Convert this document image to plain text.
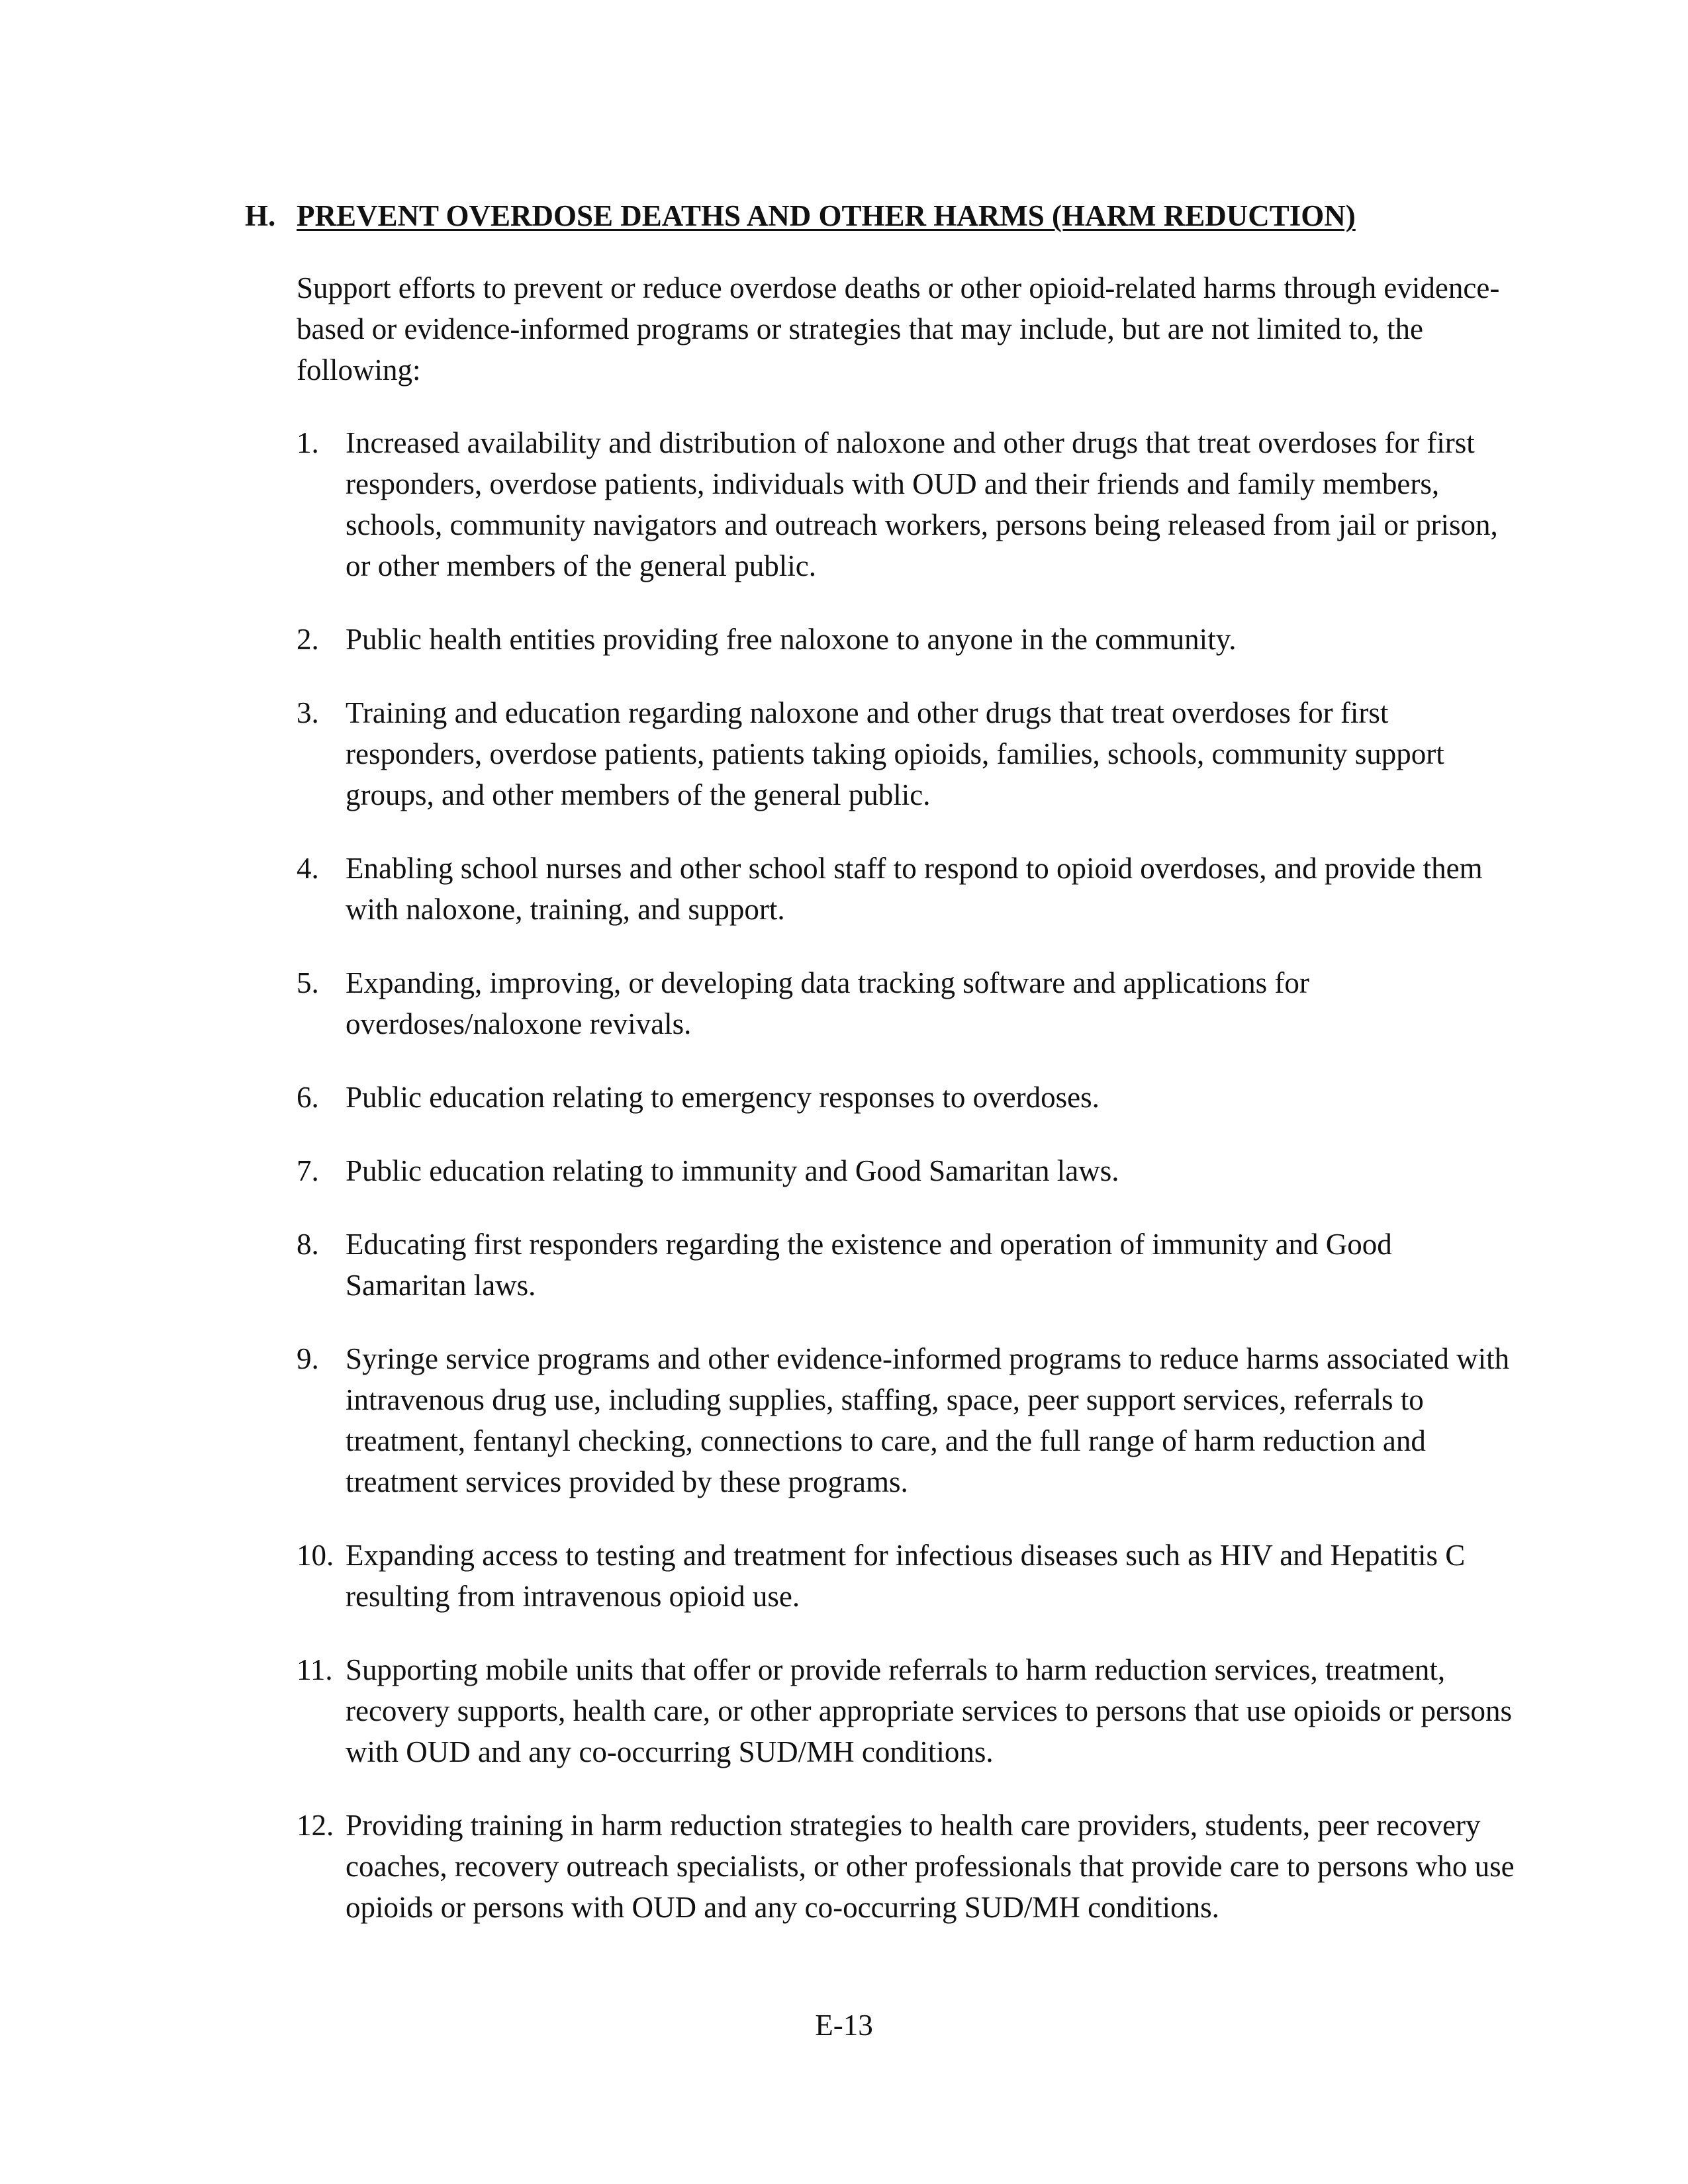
H. PREVENT OVERDOSE DEATHS AND OTHER HARMS (HARM REDUCTION)

Support efforts to prevent or reduce overdose deaths or other opioid-related harms through evidence-based or evidence-informed programs or strategies that may include, but are not limited to, the following:

1. Increased availability and distribution of naloxone and other drugs that treat overdoses for first responders, overdose patients, individuals with OUD and their friends and family members, schools, community navigators and outreach workers, persons being released from jail or prison, or other members of the general public.
2. Public health entities providing free naloxone to anyone in the community.
3. Training and education regarding naloxone and other drugs that treat overdoses for first responders, overdose patients, patients taking opioids, families, schools, community support groups, and other members of the general public.
4. Enabling school nurses and other school staff to respond to opioid overdoses, and provide them with naloxone, training, and support.
5. Expanding, improving, or developing data tracking software and applications for overdoses/naloxone revivals.
6. Public education relating to emergency responses to overdoses.
7. Public education relating to immunity and Good Samaritan laws.
8. Educating first responders regarding the existence and operation of immunity and Good Samaritan laws.
9. Syringe service programs and other evidence-informed programs to reduce harms associated with intravenous drug use, including supplies, staffing, space, peer support services, referrals to treatment, fentanyl checking, connections to care, and the full range of harm reduction and treatment services provided by these programs.
10. Expanding access to testing and treatment for infectious diseases such as HIV and Hepatitis C resulting from intravenous opioid use.
11. Supporting mobile units that offer or provide referrals to harm reduction services, treatment, recovery supports, health care, or other appropriate services to persons that use opioids or persons with OUD and any co-occurring SUD/MH conditions.
12. Providing training in harm reduction strategies to health care providers, students, peer recovery coaches, recovery outreach specialists, or other professionals that provide care to persons who use opioids or persons with OUD and any co-occurring SUD/MH conditions.
E-13
